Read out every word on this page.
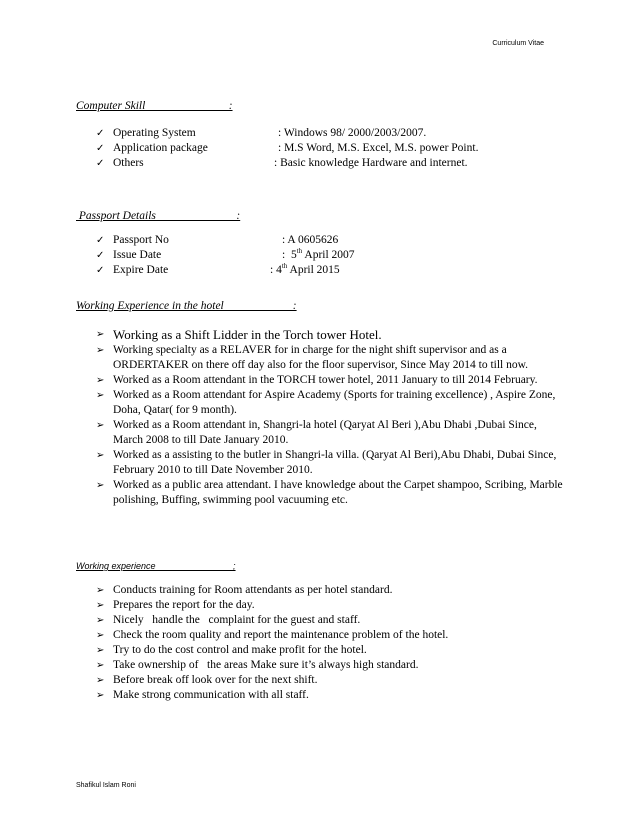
Curriculum Vitae
Computer Skill                             :
✓ Operating System	: Windows 98/ 2000/2003/2007.
✓ Application package	: M.S Word, M.S. Excel, M.S. power Point.
✓ Others	: Basic knowledge Hardware and internet.
Passport Details                            :
✓ Passport No	: A 0605626
✓ Issue Date	:  5th April 2007
✓ Expire Date	: 4th April 2015
Working Experience in the hotel                        :
➢ Working as a Shift Lidder in the Torch tower Hotel.
➢ Working specialty as a RELAVER for in charge for the night shift supervisor and as a ORDERTAKER on there off day also for the floor supervisor, Since May 2014 to till now.
➢ Worked as a Room attendant in the TORCH tower hotel, 2011 January to till 2014 February.
➢ Worked as a Room attendant for Aspire Academy (Sports for training excellence) , Aspire Zone, Doha, Qatar( for 9 month).
➢ Worked as a Room attendant in, Shangri-la hotel (Qaryat Al Beri ),Abu Dhabi ,Dubai Since, March 2008 to till Date January 2010.
➢ Worked as a assisting to the butler in Shangri-la villa. (Qaryat Al Beri),Abu Dhabi, Dubai Since, February 2010 to till Date November 2010.
➢ Worked as a public area attendant. I have knowledge about the Carpet shampoo, Scribing, Marble polishing, Buffing, swimming pool vacuuming etc.
Working experience                               ;
➢ Conducts training for Room attendants as per hotel standard.
➢ Prepares the report for the day.
➢ Nicely   handle the   complaint for the guest and staff.
➢ Check the room quality and report the maintenance problem of the hotel.
➢ Try to do the cost control and make profit for the hotel.
➢ Take ownership of   the areas Make sure it’s always high standard.
➢ Before break off look over for the next shift.
➢ Make strong communication with all staff.
Shafikul Islam Roni
